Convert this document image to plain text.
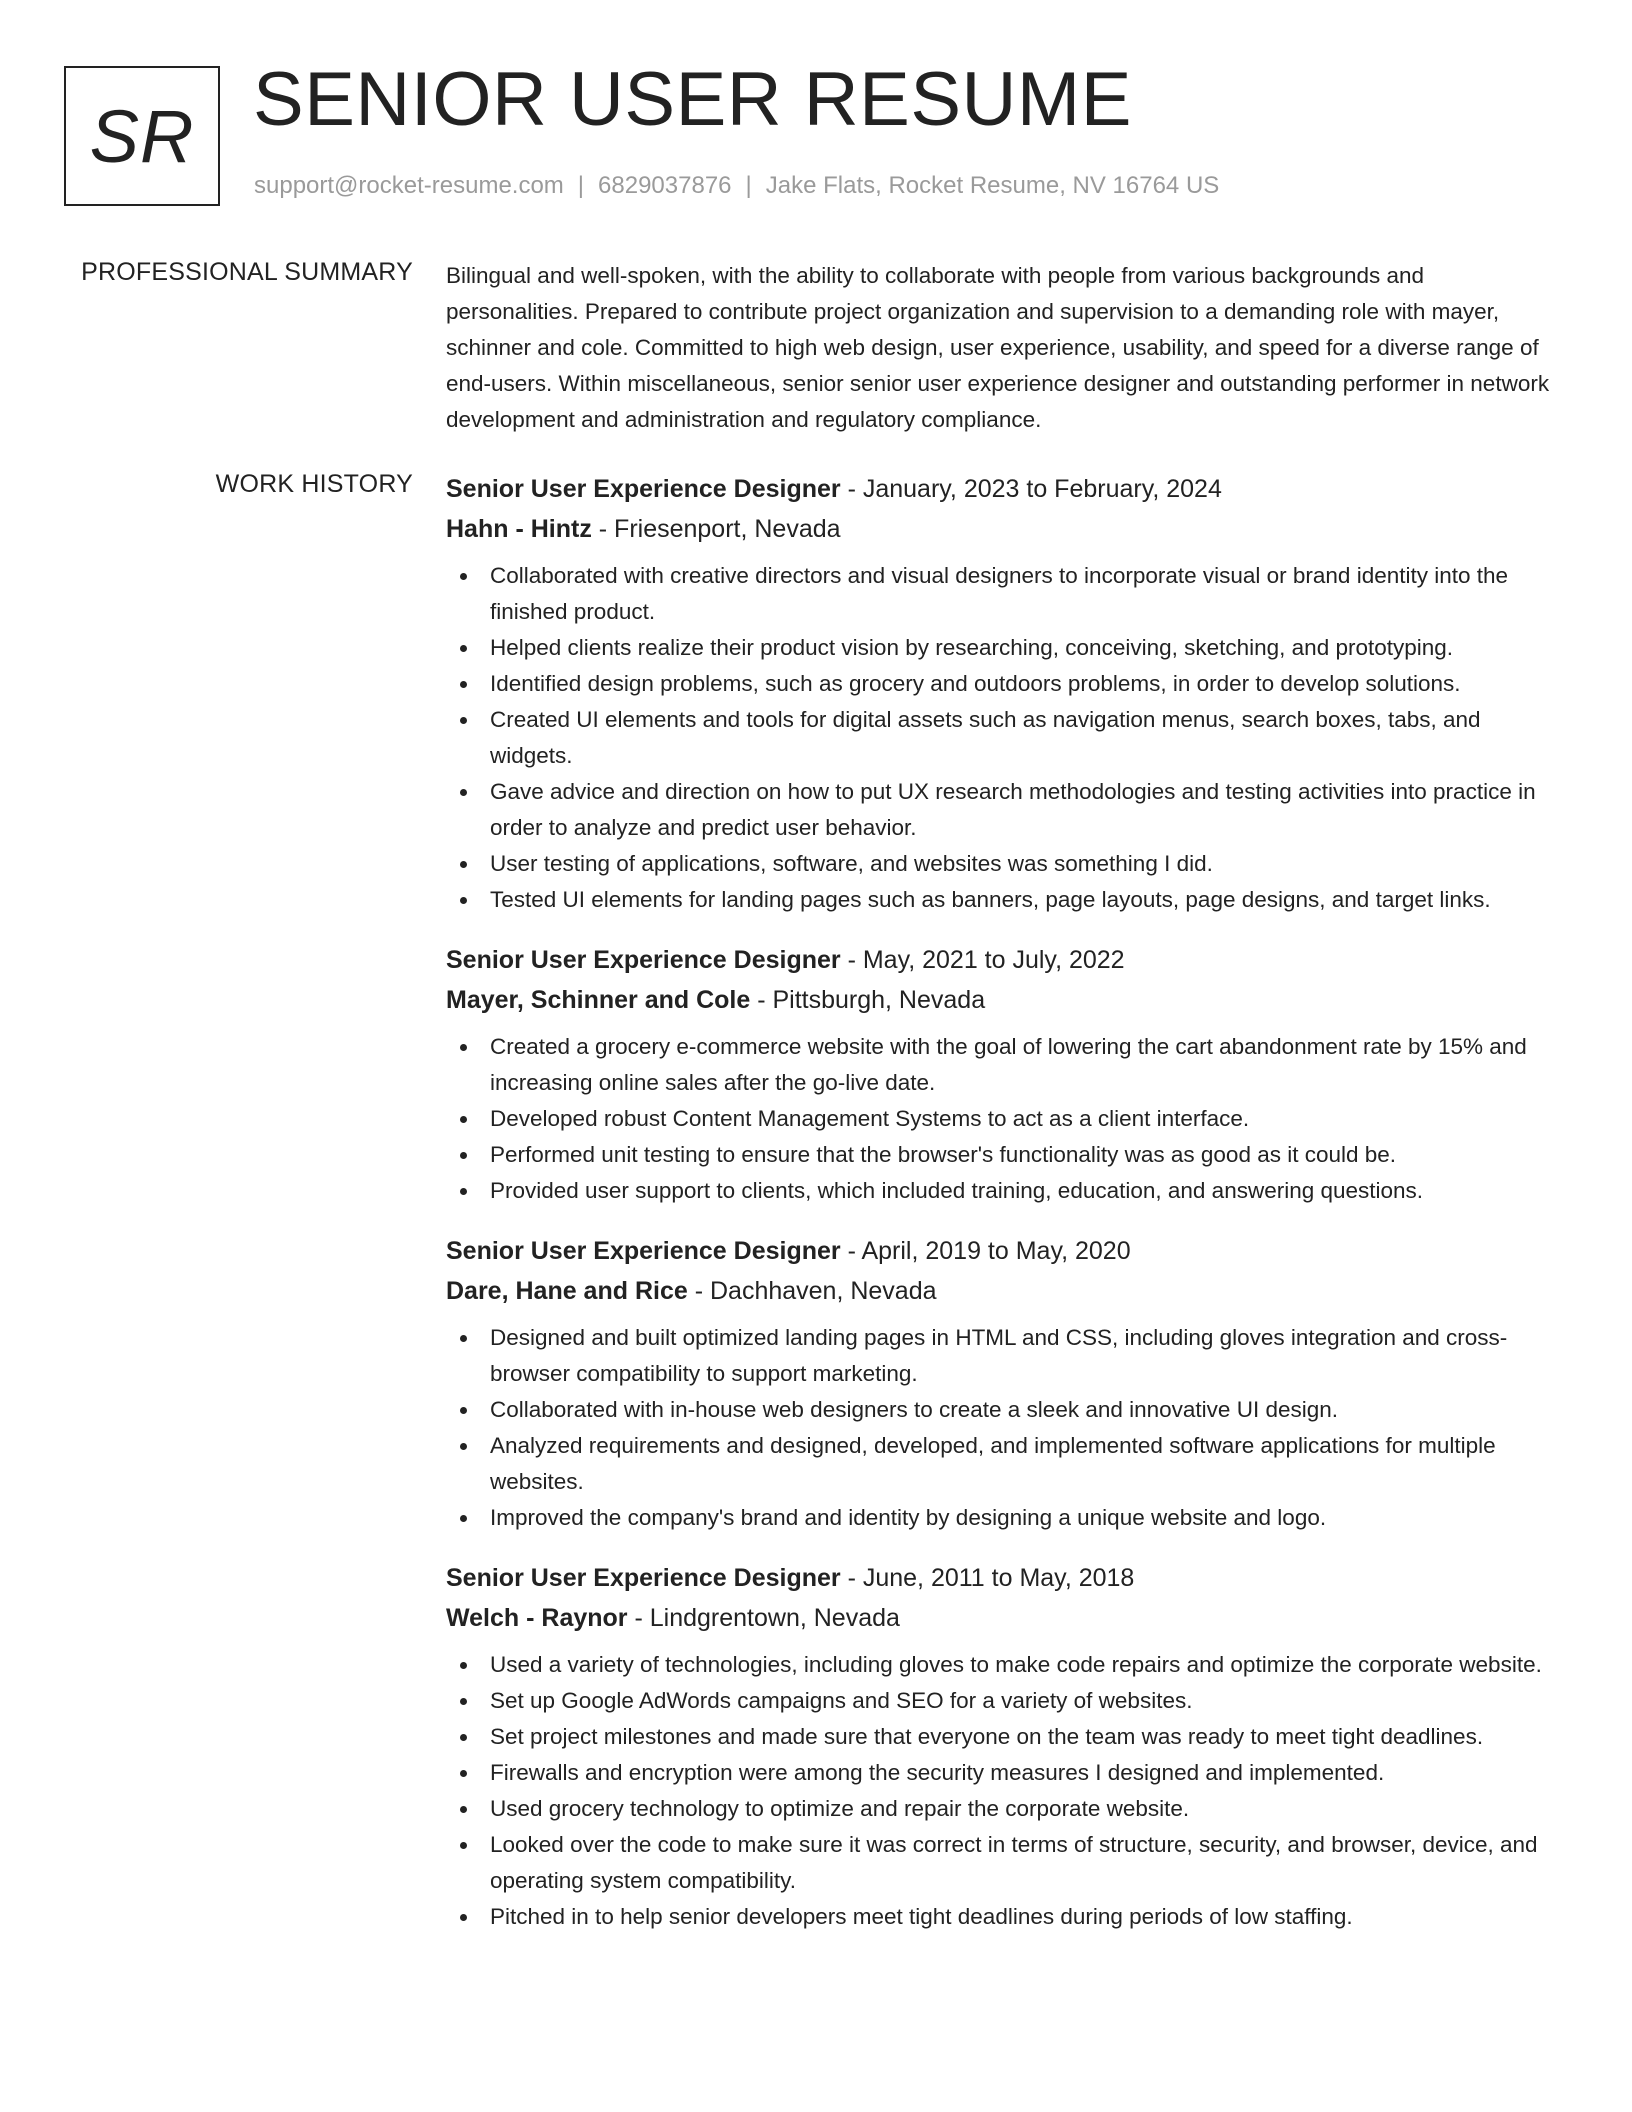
SR SENIOR USER RESUME
support@rocket-resume.com | 6829037876 | Jake Flats, Rocket Resume, NV 16764 US
PROFESSIONAL SUMMARY Bilingual and well-spoken, with the ability to collaborate with people from various backgrounds and personalities. Prepared to contribute project organization and supervision to a demanding role with mayer, schinner and cole. Committed to high web design, user experience, usability, and speed for a diverse range of end-users. Within miscellaneous, senior senior user experience designer and outstanding performer in network development and administration and regulatory compliance.

WORK HISTORY Senior User Experience Designer - January, 2023 to February, 2024
Hahn - Hintz - Friesenport, Nevada
Collaborated with creative directors and visual designers to incorporate visual or brand identity into the finished product.
Helped clients realize their product vision by researching, conceiving, sketching, and prototyping.
Identified design problems, such as grocery and outdoors problems, in order to develop solutions.
Created UI elements and tools for digital assets such as navigation menus, search boxes, tabs, and widgets.
Gave advice and direction on how to put UX research methodologies and testing activities into practice in order to analyze and predict user behavior.
User testing of applications, software, and websites was something I did.
Tested UI elements for landing pages such as banners, page layouts, page designs, and target links.
Senior User Experience Designer - May, 2021 to July, 2022
Mayer, Schinner and Cole - Pittsburgh, Nevada
Created a grocery e-commerce website with the goal of lowering the cart abandonment rate by 15% and increasing online sales after the go-live date.
Developed robust Content Management Systems to act as a client interface.
Performed unit testing to ensure that the browser's functionality was as good as it could be.
Provided user support to clients, which included training, education, and answering questions.
Senior User Experience Designer - April, 2019 to May, 2020
Dare, Hane and Rice - Dachhaven, Nevada
Designed and built optimized landing pages in HTML and CSS, including gloves integration and cross-browser compatibility to support marketing.
Collaborated with in-house web designers to create a sleek and innovative UI design.
Analyzed requirements and designed, developed, and implemented software applications for multiple websites.
Improved the company's brand and identity by designing a unique website and logo.
Senior User Experience Designer - June, 2011 to May, 2018
Welch - Raynor - Lindgrentown, Nevada
Used a variety of technologies, including gloves to make code repairs and optimize the corporate website.
Set up Google AdWords campaigns and SEO for a variety of websites.
Set project milestones and made sure that everyone on the team was ready to meet tight deadlines.
Firewalls and encryption were among the security measures I designed and implemented.
Used grocery technology to optimize and repair the corporate website.
Looked over the code to make sure it was correct in terms of structure, security, and browser, device, and operating system compatibility.
Pitched in to help senior developers meet tight deadlines during periods of low staffing.
